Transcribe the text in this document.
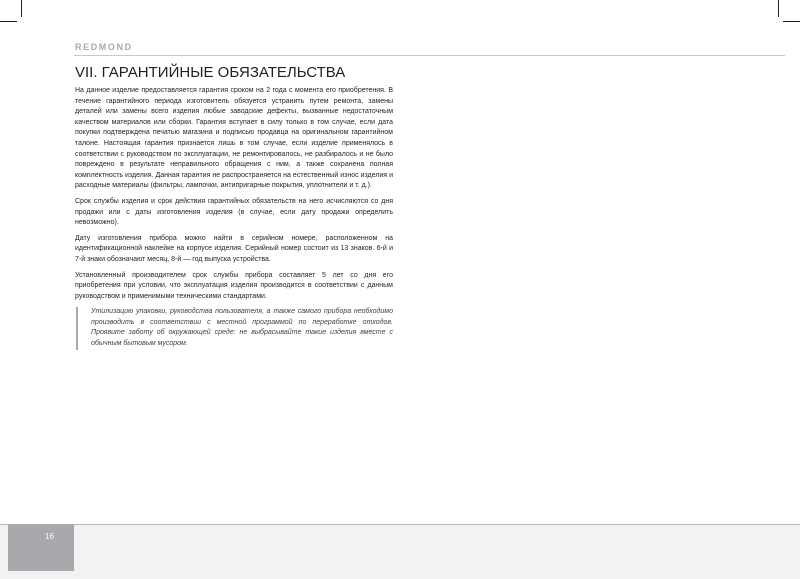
REDMOND
VII. ГАРАНТИЙНЫЕ ОБЯЗАТЕЛЬСТВА

На данное изделие предоставляется гарантия сроком на 2 года с момента его приобретения. В течение гарантийного периода изготовитель обязуется устранить путем ремонта, замены деталей или замены всего изделия любые заводские дефекты, вызванные недостаточным качеством материалов или сборки. Гарантия вступает в силу только в том случае, если дата покупки подтверждена печатью магазина и подписью продавца на оригинальном гарантийном талоне. Настоящая гарантия признается лишь в том случае, если изделие применялось в соответствии с руководством по эксплуатации, не ремонтировалось, не разбиралось и не было повреждено в результате неправильного обращения с ним, а также сохранена полная комплектность изделия. Данная гарантия не распространяется на естественный износ изделия и расходные материалы (фильтры, лампочки, антипригарные покрытия, уплотнители и т. д.).

Срок службы изделия и срок действия гарантийных обязательств на него исчисляются со дня продажи или с даты изготовления изделия (в случае, если дату продажи определить невозможно).

Дату изготовления прибора можно найти в серийном номере, расположенном на идентификационной наклейке на корпусе изделия. Серийный номер состоит из 13 знаков. 6-й и 7-й знаки обозначают месяц, 8-й — год выпуска устройства.

Установленный производителем срок службы прибора составляет 5 лет со дня его приобретения при условии, что эксплуатация изделия производится в соответствии с данным руководством и применимыми техническими стандартами.

Утилизацию упаковки, руководства пользователя, а также самого прибора необходимо производить в соответствии с местной программой по переработке отходов. Проявите заботу об окружающей среде: не выбрасывайте такие изделия вместе с обычным бытовым мусором.
16
